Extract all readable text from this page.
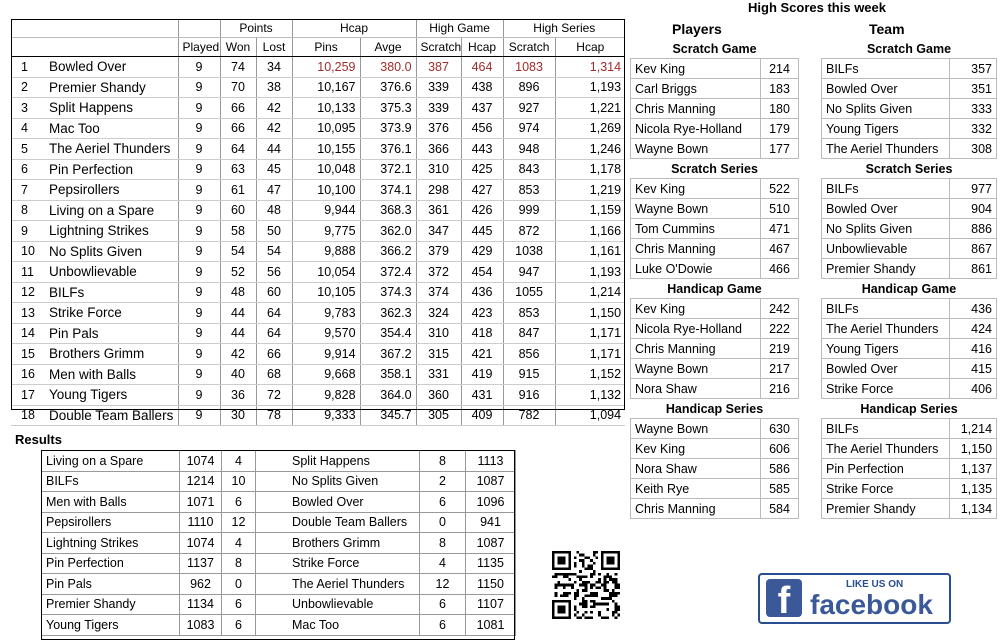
High Scores this week
Players	Team
			Points		Hcap		High Game		High Series	
		Played	Won	Lost	Pins	Avge	Scratch	Hcap	Scratch	Hcap
1	Bowled Over	9	74	34	10,259	380.0	387	464	1083	1,314
2	Premier Shandy	9	70	38	10,167	376.6	339	438	896	1,193
3	Split Happens	9	66	42	10,133	375.3	339	437	927	1,221
4	Mac Too	9	66	42	10,095	373.9	376	456	974	1,269
5	The Aeriel Thunders	9	64	44	10,155	376.1	366	443	948	1,246
6	Pin Perfection	9	63	45	10,048	372.1	310	425	843	1,178
7	Pepsirollers	9	61	47	10,100	374.1	298	427	853	1,219
8	Living on a Spare	9	60	48	9,944	368.3	361	426	999	1,159
9	Lightning Strikes	9	58	50	9,775	362.0	347	445	872	1,166
10	No Splits Given	9	54	54	9,888	366.2	379	429	1038	1,161
11	Unbowlievable	9	52	56	10,054	372.4	372	454	947	1,193
12	BILFs	9	48	60	10,105	374.3	374	436	1055	1,214
13	Strike Force	9	44	64	9,783	362.3	324	423	853	1,150
14	Pin Pals	9	44	64	9,570	354.4	310	418	847	1,171
15	Brothers Grimm	9	42	66	9,914	367.2	315	421	856	1,171
16	Men with Balls	9	40	68	9,668	358.1	331	419	915	1,152
17	Young Tigers	9	36	72	9,828	364.0	360	431	916	1,132
18	Double Team Ballers	9	30	78	9,333	345.7	305	409	782	1,094
Results
Living on a Spare	1074	4	Split Happens	8	1113
BILFs	1214	10	No Splits Given	2	1087
Men with Balls	1071	6	Bowled Over	6	1096
Pepsirollers	1110	12	Double Team Ballers	0	941
Lightning Strikes	1074	4	Brothers Grimm	8	1087
Pin Perfection	1137	8	Strike Force	4	1135
Pin Pals	962	0	The Aeriel Thunders	12	1150
Premier Shandy	1134	6	Unbowlievable	6	1107
Young Tigers	1083	6	Mac Too	6	1081
Scratch Game	
Kev King	214
Carl Briggs	183
Chris Manning	180
Nicola Rye-Holland	179
Wayne Bown	177
Scratch Series	
Kev King	522
Wayne Bown	510
Tom Cummins	471
Chris Manning	467
Luke O'Dowie	466
Handicap Game	
Kev King	242
Nicola Rye-Holland	222
Chris Manning	219
Wayne Bown	217
Nora Shaw	216
Handicap Series	
Wayne Bown	630
Kev King	606
Nora Shaw	586
Keith Rye	585
Chris Manning	584
Scratch Game	
BILFs	357
Bowled Over	351
No Splits Given	333
Young Tigers	332
The Aeriel Thunders	308
Scratch Series	
BILFs	977
Bowled Over	904
No Splits Given	886
Unbowlievable	867
Premier Shandy	861
Handicap Game	
BILFs	436
The Aeriel Thunders	424
Young Tigers	416
Bowled Over	415
Strike Force	406
Handicap Series	
BILFs	1,214
The Aeriel Thunders	1,150
Pin Perfection	1,137
Strike Force	1,135
Premier Shandy	1,134
f	LIKE US ON
facebook
